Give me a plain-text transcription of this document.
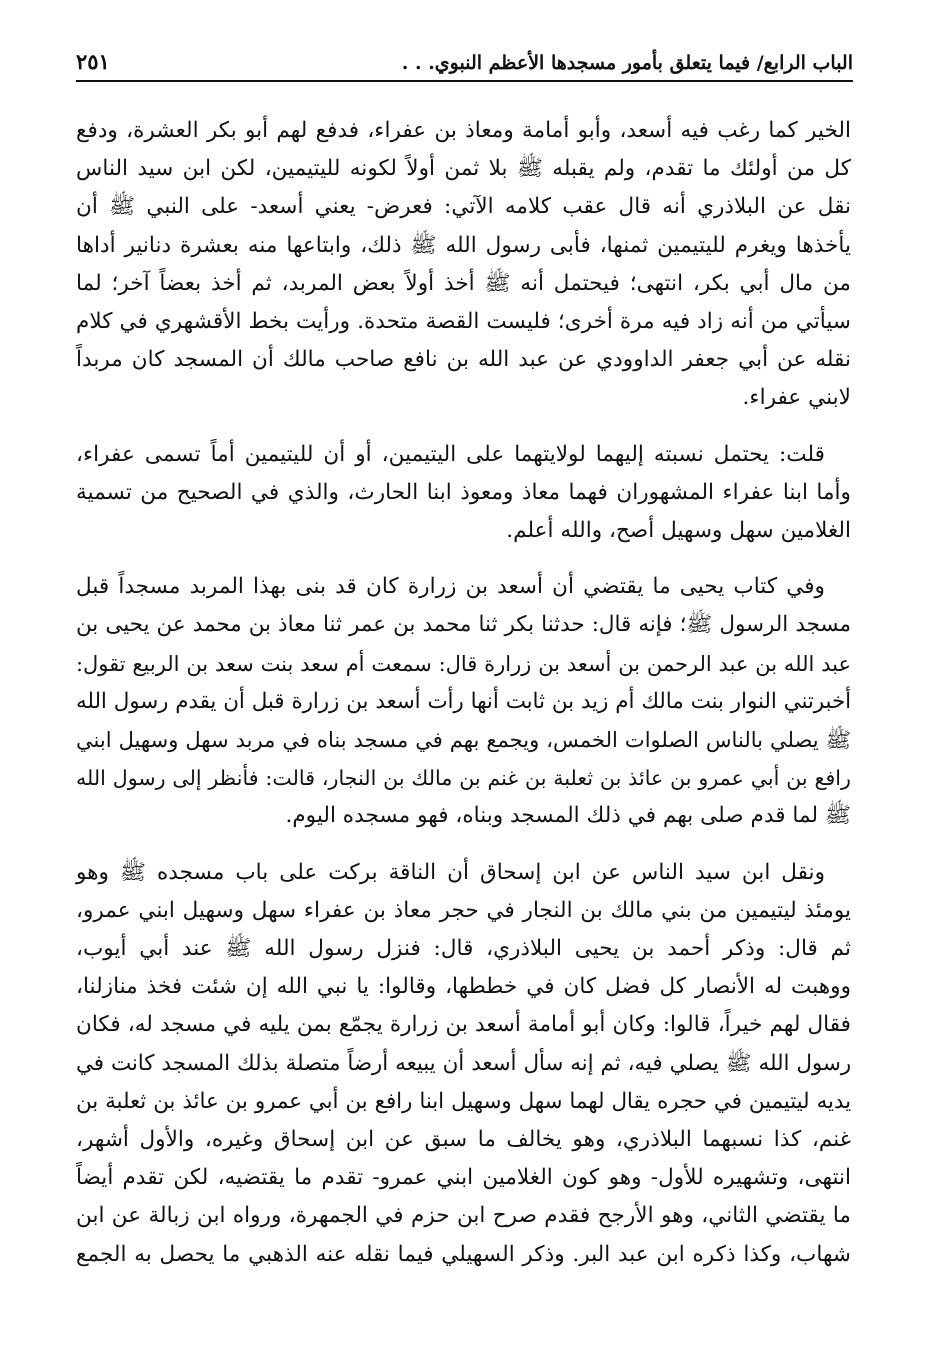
الباب الرابع/ فيما يتعلق بأمور مسجدها الأعظم النبوي. . .
٢٥١

الخير كما رغب فيه أسعد، وأبو أمامة ومعاذ بن عفراء، فدفع لهم أبو بكر العشرة، ودفع
كل من أولئك ما تقدم، ولم يقبله ﷺ بلا ثمن أولاً لكونه لليتيمين، لكن ابن سيد الناس
نقل عن البلاذري أنه قال عقب كلامه الآتي: فعرض- يعني أسعد- على النبي ﷺ أن
يأخذها ويغرم لليتيمين ثمنها، فأبى رسول الله ﷺ ذلك، وابتاعها منه بعشرة دنانير أداها
من مال أبي بكر، انتهى؛ فيحتمل أنه ﷺ أخذ أولاً بعض المربد، ثم أخذ بعضاً آخر؛ لما
سيأتي من أنه زاد فيه مرة أخرى؛ فليست القصة متحدة. ورأيت بخط الأقشهري في كلام
نقله عن أبي جعفر الداوودي عن عبد الله بن نافع صاحب مالك أن المسجد كان مربداً
لابني عفراء.

قلت: يحتمل نسبته إليهما لولايتهما على اليتيمين، أو أن لليتيمين أماً تسمى عفراء،
وأما ابنا عفراء المشهوران فهما معاذ ومعوذ ابنا الحارث، والذي في الصحيح من تسمية
الغلامين سهل وسهيل أصح، والله أعلم.

وفي كتاب يحيى ما يقتضي أن أسعد بن زرارة كان قد بنى بهذا المربد مسجداً قبل
مسجد الرسول ﷺ؛ فإنه قال: حدثنا بكر ثنا محمد بن عمر ثنا معاذ بن محمد عن يحيى بن
عبد الله بن عبد الرحمن بن أسعد بن زرارة قال: سمعت أم سعد بنت سعد بن الربيع تقول:
أخبرتني النوار بنت مالك أم زيد بن ثابت أنها رأت أسعد بن زرارة قبل أن يقدم رسول الله
ﷺ يصلي بالناس الصلوات الخمس، ويجمع بهم في مسجد بناه في مربد سهل وسهيل ابني
رافع بن أبي عمرو بن عائذ بن ثعلبة بن غنم بن مالك بن النجار، قالت: فأنظر إلى رسول الله
ﷺ لما قدم صلى بهم في ذلك المسجد وبناه، فهو مسجده اليوم.

ونقل ابن سيد الناس عن ابن إسحاق أن الناقة بركت على باب مسجده ﷺ وهو
يومئذ ليتيمين من بني مالك بن النجار في حجر معاذ بن عفراء سهل وسهيل ابني عمرو،
ثم قال: وذكر أحمد بن يحيى البلاذري، قال: فنزل رسول الله ﷺ عند أبي أيوب،
ووهبت له الأنصار كل فضل كان في خططها، وقالوا: يا نبي الله إن شئت فخذ منازلنا،
فقال لهم خيراً، قالوا: وكان أبو أمامة أسعد بن زرارة يجمّع بمن يليه في مسجد له، فكان
رسول الله ﷺ يصلي فيه، ثم إنه سأل أسعد أن يبيعه أرضاً متصلة بذلك المسجد كانت في
يديه ليتيمين في حجره يقال لهما سهل وسهيل ابنا رافع بن أبي عمرو بن عائذ بن ثعلبة بن
غنم، كذا نسبهما البلاذري، وهو يخالف ما سبق عن ابن إسحاق وغيره، والأول أشهر،
انتهى، وتشهيره للأول- وهو كون الغلامين ابني عمرو- تقدم ما يقتضيه، لكن تقدم أيضاً
ما يقتضي الثاني، وهو الأرجح فقدم صرح ابن حزم في الجمهرة، ورواه ابن زبالة عن ابن
شهاب، وكذا ذكره ابن عبد البر. وذكر السهيلي فيما نقله عنه الذهبي ما يحصل به الجمع
